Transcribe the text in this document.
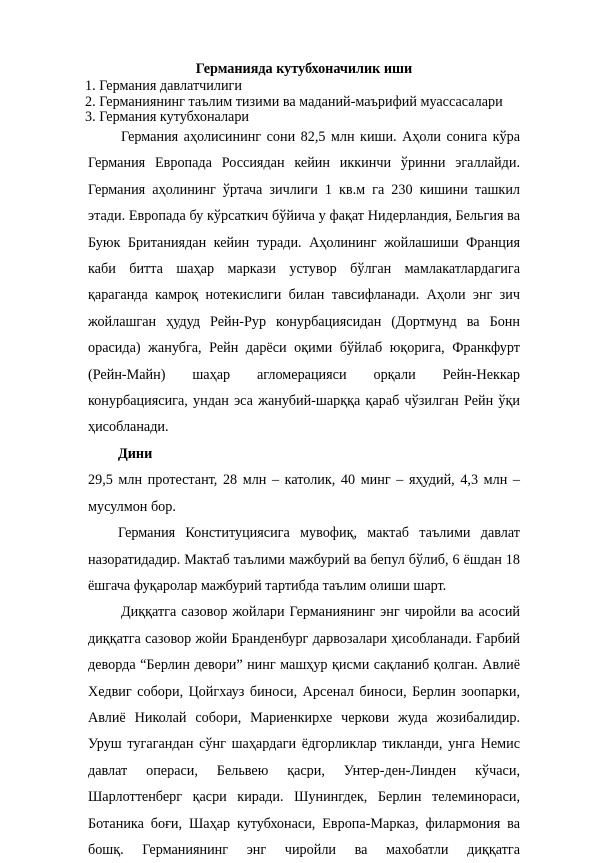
Германияда кутубхоначилик иши
1. Германия давлатчилиги
2. Германиянинг таълим тизими ва маданий-маърифий муассасалари
3. Германия кутубхоналари

Германия аҳолисининг сони 82,5 млн киши. Аҳоли сонига кўра Германия Европада Россиядан кейин иккинчи ўринни эгаллайди. Германия аҳолининг ўртача зичлиги 1 кв.м га 230 кишини ташкил этади. Европада бу кўрсаткич бўйича у фақат Нидерландия, Бельгия ва Буюк Британиядан кейин туради. Аҳолининг жойлашиши Франция каби битта шаҳар маркази устувор бўлган мамлакатлардагига қараганда камроқ нотекислиги билан тавсифланади. Аҳоли энг зич жойлашган ҳудуд Рейн-Рур конурбациясидан (Дортмунд ва Бонн орасида) жанубга, Рейн дарёси оқими бўйлаб юқорига, Франкфурт (Рейн-Майн) шаҳар агломерацияси орқали Рейн-Неккар конурбациясига, ундан эса жанубий-шарққа қараб чўзилган Рейн ўқи ҳисобланади.

Дини

29,5 млн протестант, 28 млн – католик, 40 минг – яҳудий, 4,3 млн – мусулмон бор.

Германия Конституциясига мувофиқ, мактаб таълими давлат назоратидадир. Мактаб таълими мажбурий ва бепул бўлиб, 6 ёшдан 18 ёшгача фуқаролар мажбурий тартибда таълим олиши шарт.

Диққатга сазовор жойлари Германиянинг энг чиройли ва асосий диққатга сазовор жойи Бранденбург дарвозалари ҳисобланади. Ғарбий деворда “Берлин девори” нинг машҳур қисми сақланиб қолган. Авлиё Хедвиг собори, Цойгхауз биноси, Арсенал биноси, Берлин зоопарки, Авлиё Николай собори, Мариенкирхе черкови жуда жозибалидир. Уруш тугагандан сўнг шаҳардаги ёдгорликлар тикланди, унга Немис давлат операси, Бельвею қасри, Унтер-ден-Линден кўчаси, Шарлоттенберг қасри киради. Шунингдек, Берлин телеминораси, Ботаника боғи, Шаҳар кутубхонаси, Европа-Марказ, филармония ва бошқ. Германиянинг энг чиройли ва махобатли диққатга
